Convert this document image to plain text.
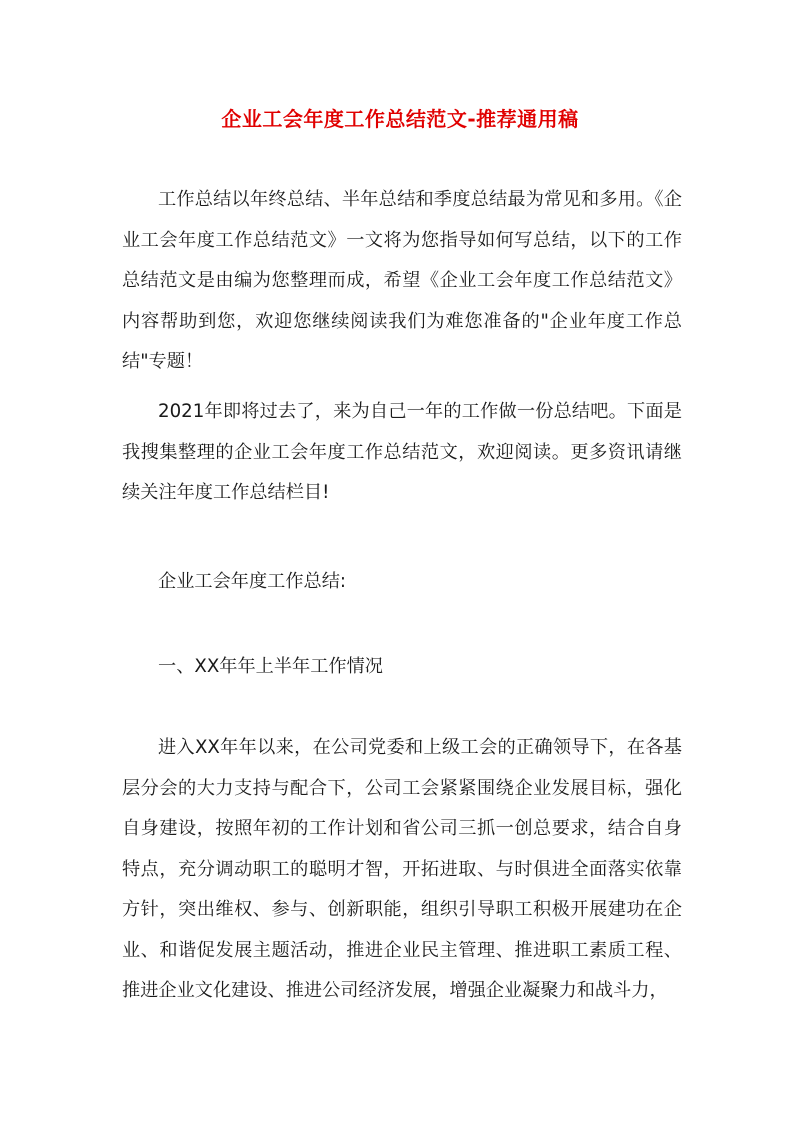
企业工会年度工作总结范文-推荐通用稿

工作总结以年终总结、半年总结和季度总结最为常见和多用。《企业工会年度工作总结范文》一文将为您指导如何写总结，以下的工作总结范文是由编为您整理而成，希望《企业工会年度工作总结范文》内容帮助到您，欢迎您继续阅读我们为难您准备的"企业年度工作总结"专题！

2021年即将过去了，来为自己一年的工作做一份总结吧。下面是我搜集整理的企业工会年度工作总结范文，欢迎阅读。更多资讯请继续关注年度工作总结栏目!

企业工会年度工作总结:
一、XX年年上半年工作情况

进入XX年年以来，在公司党委和上级工会的正确领导下，在各基层分会的大力支持与配合下，公司工会紧紧围绕企业发展目标，强化自身建设，按照年初的工作计划和省公司三抓一创总要求，结合自身特点，充分调动职工的聪明才智，开拓进取、与时俱进全面落实依靠方针，突出维权、参与、创新职能，组织引导职工积极开展建功在企业、和谐促发展主题活动，推进企业民主管理、推进职工素质工程、推进企业文化建设、推进公司经济发展，增强企业凝聚力和战斗力，
